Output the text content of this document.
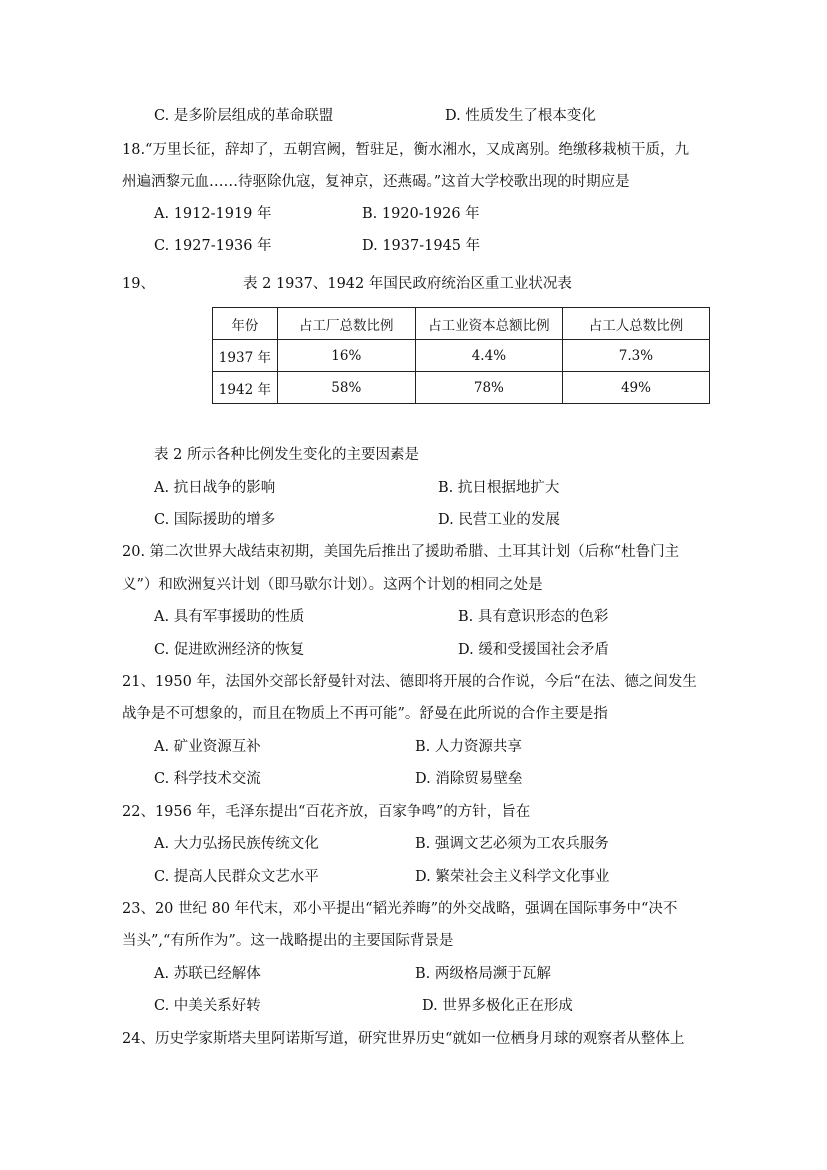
C. 是多阶层组成的革命联盟	D. 性质发生了根本变化
18.“万里长征，辞却了，五朝宫阙，暂驻足，衡水湘水，又成离别。绝缴移栽桢干质，九
州遍洒黎元血……待驱除仇寇，复神京，还燕碣。”这首大学校歌出现的时期应是
A. 1912-1919 年	B. 1920-1926 年
C. 1927-1936 年	D. 1937-1945 年
19、	表 2 1937、1942 年国民政府统治区重工业状况表
年份	占工厂总数比例	占工业资本总额比例	占工人总数比例
1937 年	16%	4.4%	7.3%
1942 年	58%	78%	49%
表 2 所示各种比例发生变化的主要因素是
A. 抗日战争的影响	B. 抗日根据地扩大
C. 国际援助的增多	D. 民营工业的发展
20. 第二次世界大战结束初期，美国先后推出了援助希腊、土耳其计划（后称“杜鲁门主
义”）和欧洲复兴计划（即马歇尔计划）。这两个计划的相同之处是
A. 具有军事援助的性质	B. 具有意识形态的色彩
C. 促进欧洲经济的恢复	D. 缓和受援国社会矛盾
21、1950 年，法国外交部长舒曼针对法、德即将开展的合作说，今后“在法、德之间发生
战争是不可想象的，而且在物质上不再可能”。舒曼在此所说的合作主要是指
A. 矿业资源互补	B. 人力资源共享
C. 科学技术交流	D. 消除贸易壁垒
22、1956 年，毛泽东提出“百花齐放，百家争鸣”的方针，旨在
A. 大力弘扬民族传统文化	B. 强调文艺必须为工农兵服务
C. 提高人民群众文艺水平	D. 繁荣社会主义科学文化事业
23、20 世纪 80 年代末，邓小平提出“韬光养晦”的外交战略，强调在国际事务中“决不
当头”,“有所作为”。这一战略提出的主要国际背景是
A. 苏联已经解体	B. 两级格局濒于瓦解
C. 中美关系好转	D. 世界多极化正在形成
24、历史学家斯塔夫里阿诺斯写道，研究世界历史“就如一位栖身月球的观察者从整体上
